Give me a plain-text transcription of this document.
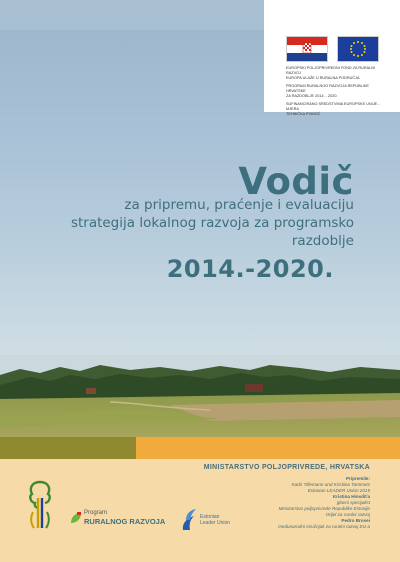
EUROPSKI POLJOPRIVREDNI FOND ZA RURALNI RAZVOJ
EUROPA ULAŽE U RURALNA PODRUČJA
PROGRAM RURALNOG RAZVOJA REPUBLIKE HRVATSKE
ZA RAZDOBLJE 2014. - 2020.
SUFINANCIRANO SREDSTVIMA EUROPSKE UNIJE - MJERA
TEHNIČKA POMOĆ
Vodič
za pripremu, praćenje i evaluaciju
strategija lokalnog razvoja za programsko
razdoblje
2014.-2020.
Program
RURALNOG RAZVOJA	Estonian
Leader Union
MINISTARSTVO POLJOPRIVREDE, HRVATSKA
Pripremile:
Kadri Tillemann and Kristiina Tammets
Estonian LEADER Union 2015
Kristina Hinsdiťa
glavni specijalist
Ministarstvo poljoprivrede Republike Estonije
Odjel za ruralni razvoj
Pedro Brosei
medunarodni stručnjak za ruralni razvoj EU-a
